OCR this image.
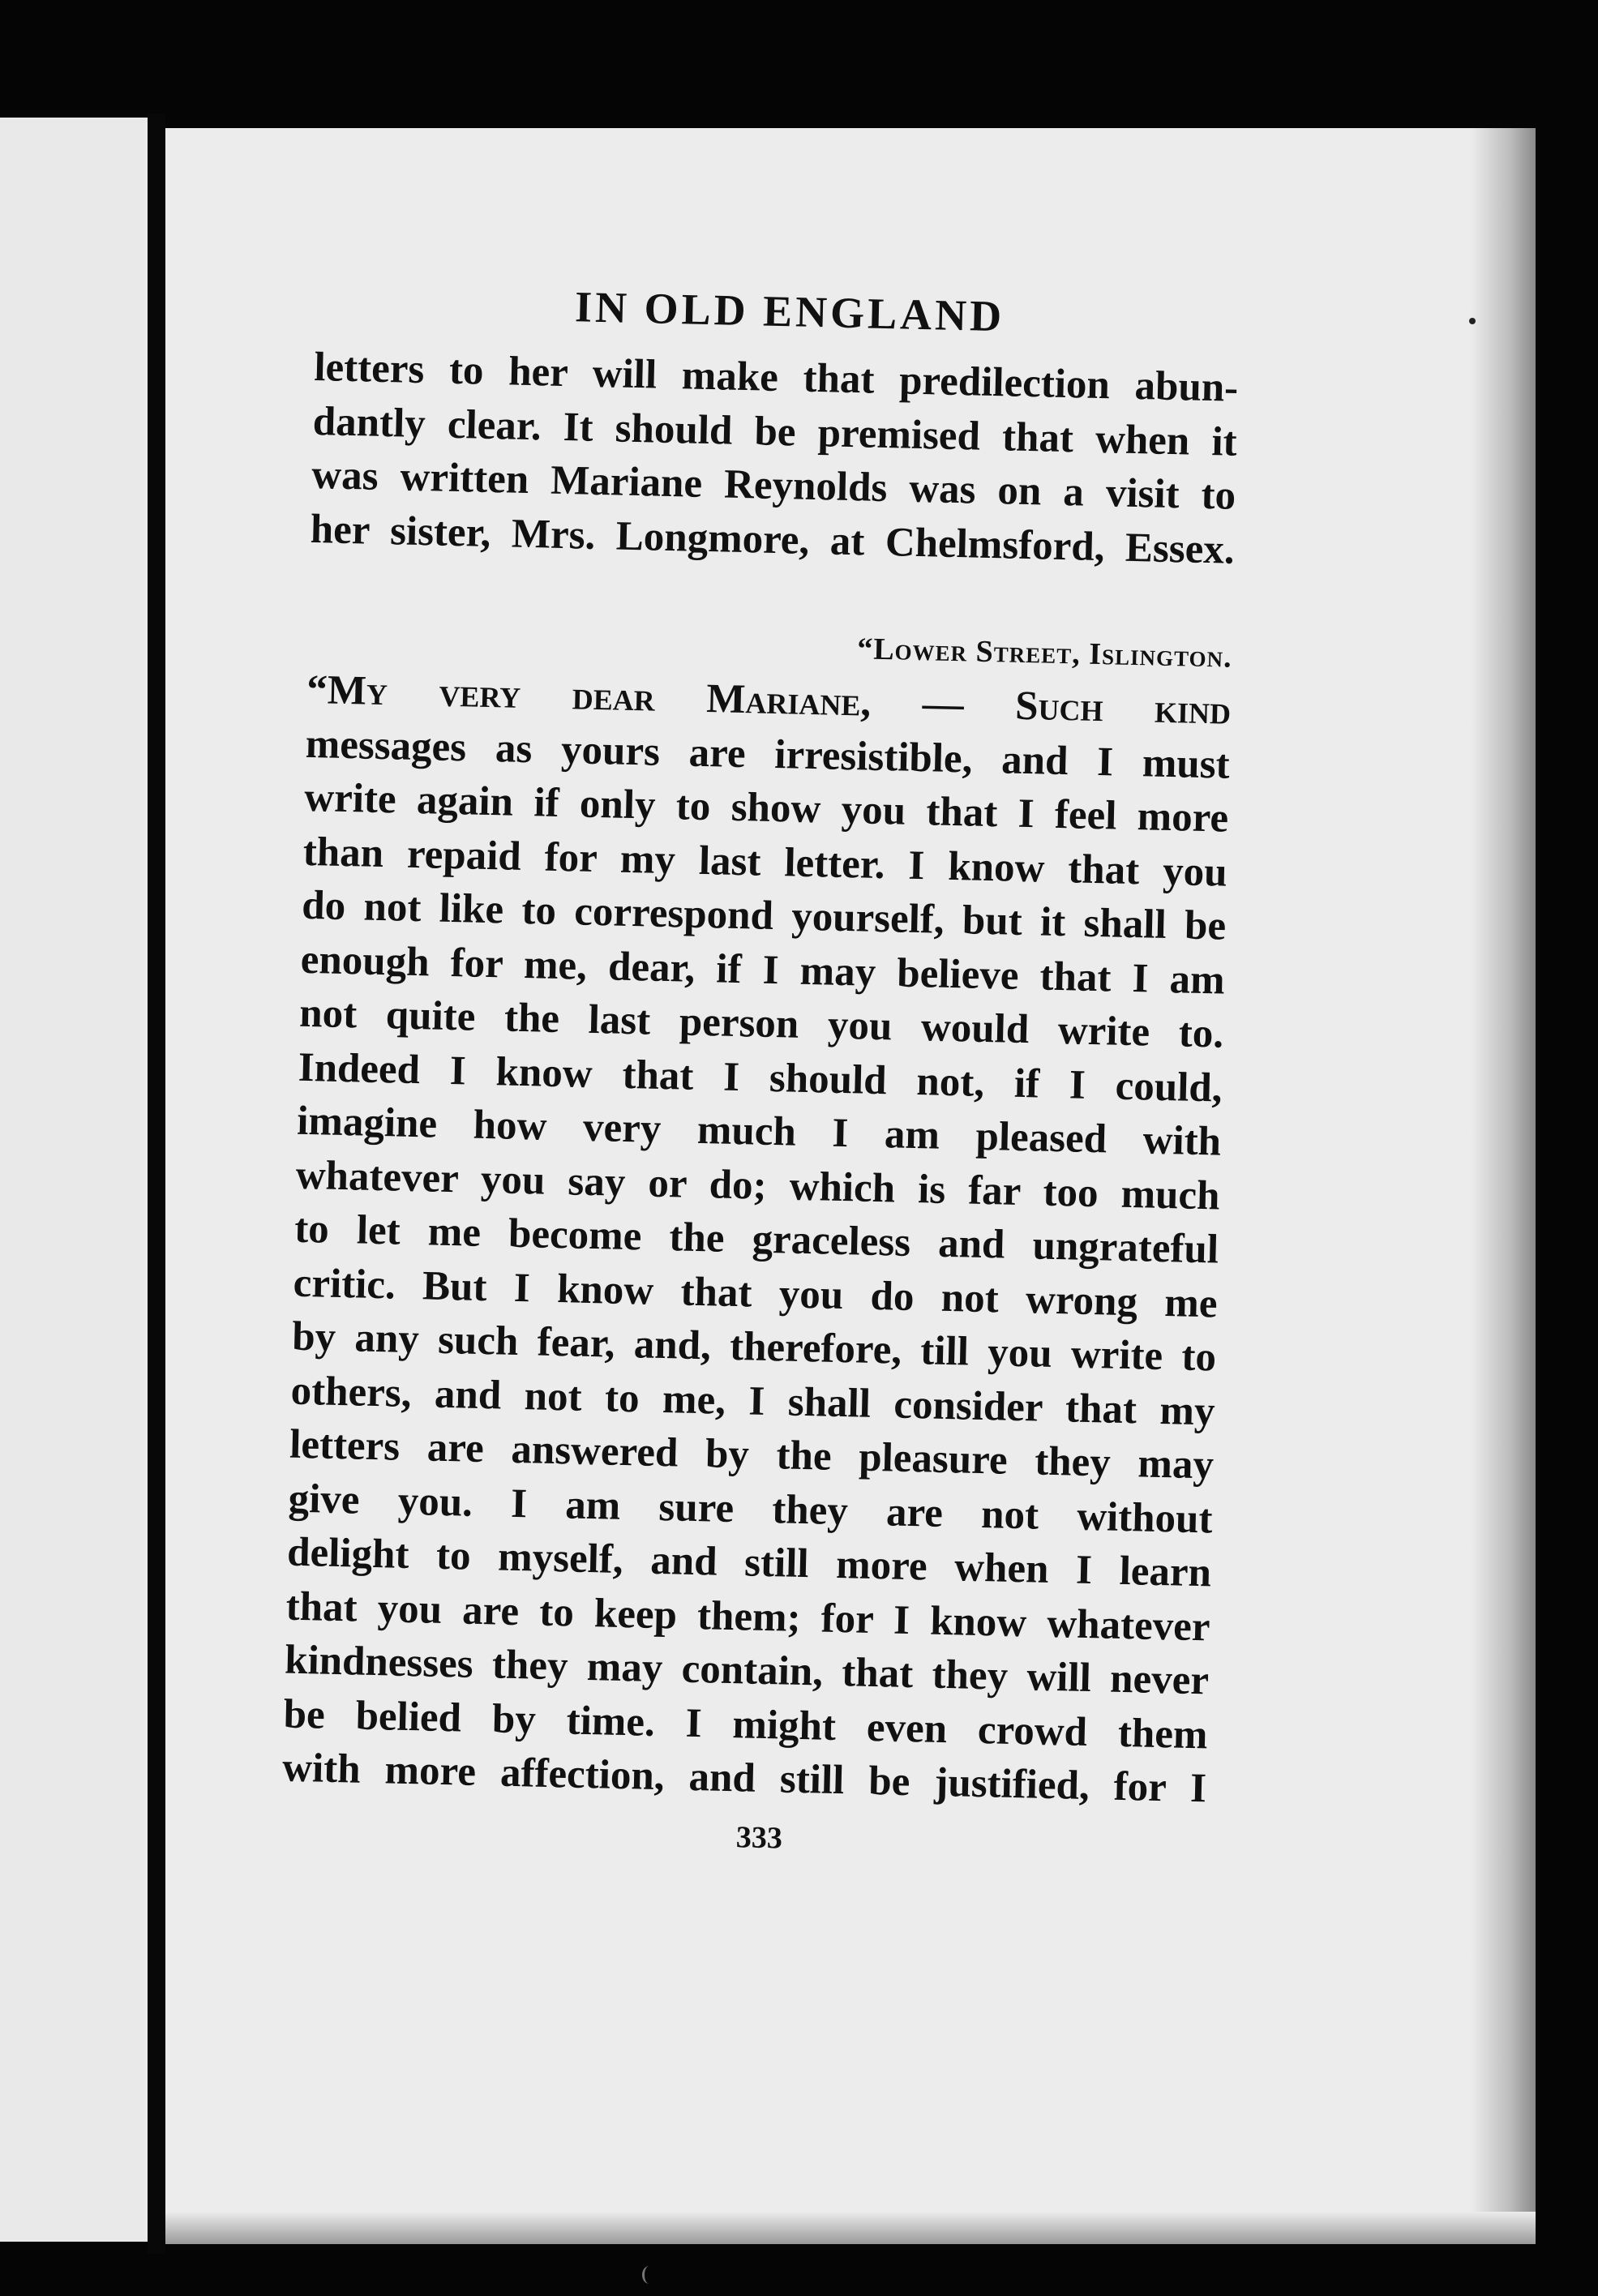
IN OLD ENGLAND
letters to her will make that predilection abun-
dantly clear. It should be premised that when it
was written Mariane Reynolds was on a visit to
her sister, Mrs. Longmore, at Chelmsford, Essex.
“Lower Street, Islington.
“My very dear Mariane, — Such kind
messages as yours are irresistible, and I must
write again if only to show you that I feel more
than repaid for my last letter. I know that you
do not like to correspond yourself, but it shall be
enough for me, dear, if I may believe that I am
not quite the last person you would write to.
Indeed I know that I should not, if I could,
imagine how very much I am pleased with
whatever you say or do; which is far too much
to let me become the graceless and ungrateful
critic. But I know that you do not wrong me
by any such fear, and, therefore, till you write to
others, and not to me, I shall consider that my
letters are answered by the pleasure they may
give you. I am sure they are not without
delight to myself, and still more when I learn
that you are to keep them; for I know whatever
kindnesses they may contain, that they will never
be belied by time. I might even crowd them
with more affection, and still be justified, for I
333
